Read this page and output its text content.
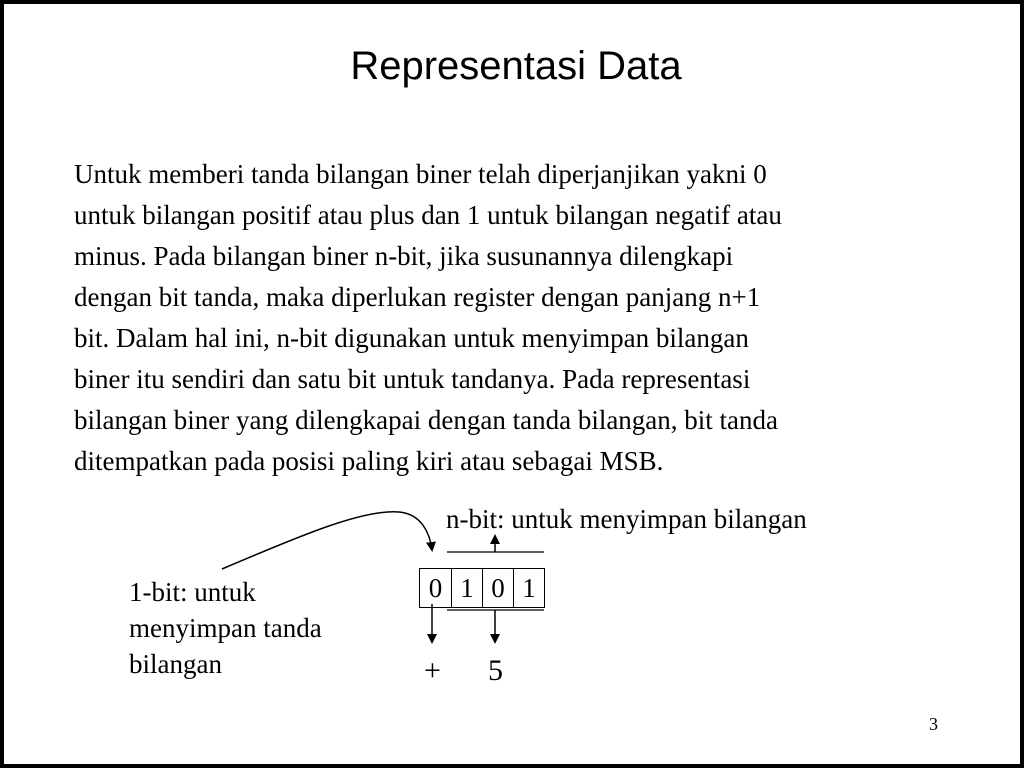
Representasi Data
Untuk memberi tanda bilangan biner telah diperjanjikan yakni 0
untuk bilangan positif atau plus dan 1 untuk bilangan negatif atau
minus. Pada bilangan biner n-bit, jika susunannya dilengkapi
dengan bit tanda, maka diperlukan register dengan panjang n+1
bit. Dalam hal ini, n-bit digunakan untuk menyimpan bilangan
biner itu sendiri dan satu bit untuk tandanya. Pada representasi
bilangan biner yang dilengkapai dengan tanda bilangan, bit tanda
ditempatkan pada posisi paling kiri atau sebagai MSB.
n-bit: untuk menyimpan bilangan
1-bit: untuk
menyimpan tanda
bilangan
0 1 0 1
+ 5
3
